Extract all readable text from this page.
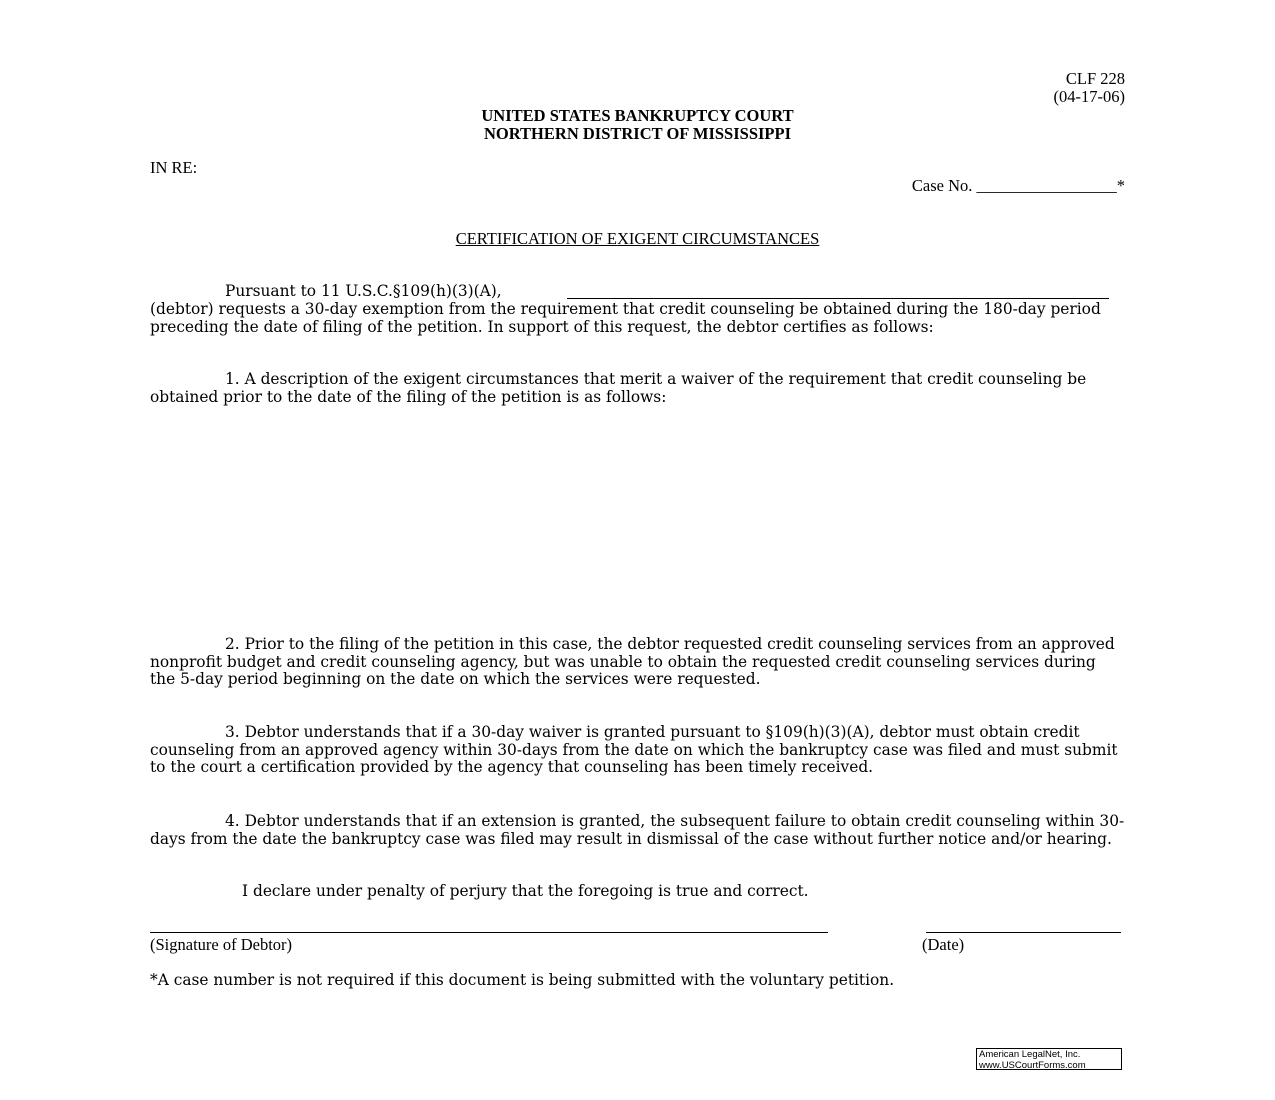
CLF 228
(04-17-06)
UNITED STATES BANKRUPTCY COURT
NORTHERN DISTRICT OF MISSISSIPPI
IN RE:
Case No. _________________*
CERTIFICATION OF EXIGENT CIRCUMSTANCES
Pursuant to 11 U.S.C.§109(h)(3)(A),
(debtor) requests a 30-day exemption from the requirement that credit counseling be obtained during the 180-day period preceding the date of filing of the petition. In support of this request, the debtor certifies as follows:
1. A description of the exigent circumstances that merit a waiver of the requirement that credit counseling be obtained prior to the date of the filing of the petition is as follows:
2. Prior to the filing of the petition in this case, the debtor requested credit counseling services from an approved nonprofit budget and credit counseling agency, but was unable to obtain the requested credit counseling services during the 5-day period beginning on the date on which the services were requested.
3. Debtor understands that if a 30-day waiver is granted pursuant to §109(h)(3)(A), debtor must obtain credit counseling from an approved agency within 30-days from the date on which the bankruptcy case was filed and must submit to the court a certification provided by the agency that counseling has been timely received.
4. Debtor understands that if an extension is granted, the subsequent failure to obtain credit counseling within 30-days from the date the bankruptcy case was filed may result in dismissal of the case without further notice and/or hearing.
I declare under penalty of perjury that the foregoing is true and correct.
(Signature of Debtor)	(Date)
*A case number is not required if this document is being submitted with the voluntary petition.
American LegalNet, Inc.
www.USCourtForms.com
